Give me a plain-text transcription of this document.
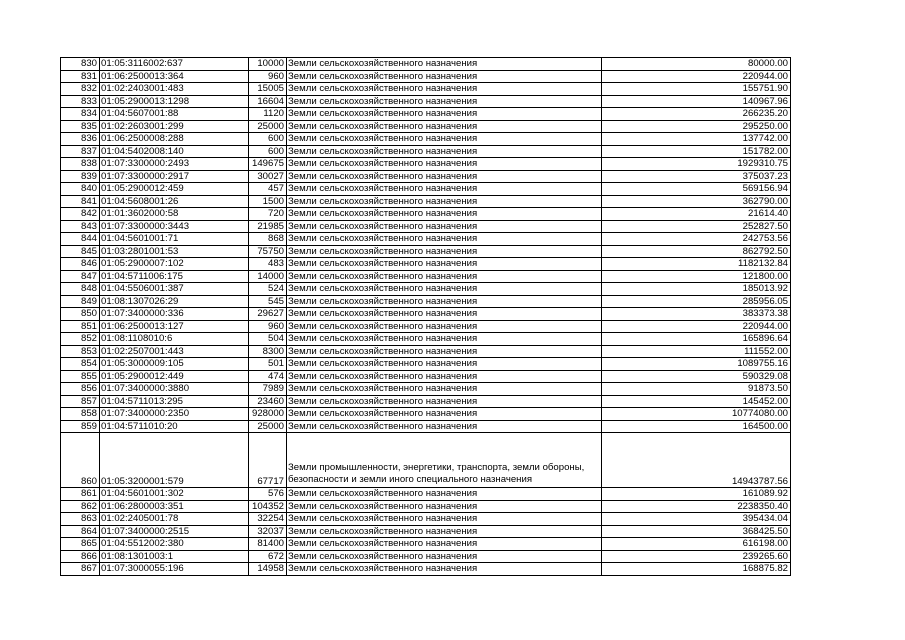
830	01:05:3116002:637	10000	Земли сельскохозяйственного назначения	80000.00
831	01:06:2500013:364	960	Земли сельскохозяйственного назначения	220944.00
832	01:02:2403001:483	15005	Земли сельскохозяйственного назначения	155751.90
833	01:05:2900013:1298	16604	Земли сельскохозяйственного назначения	140967.96
834	01:04:5607001:88	1120	Земли сельскохозяйственного назначения	266235.20
835	01:02:2603001:299	25000	Земли сельскохозяйственного назначения	295250.00
836	01:06:2500008:288	600	Земли сельскохозяйственного назначения	137742.00
837	01:04:5402008:140	600	Земли сельскохозяйственного назначения	151782.00
838	01:07:3300000:2493	149675	Земли сельскохозяйственного назначения	1929310.75
839	01:07:3300000:2917	30027	Земли сельскохозяйственного назначения	375037.23
840	01:05:2900012:459	457	Земли сельскохозяйственного назначения	569156.94
841	01:04:5608001:26	1500	Земли сельскохозяйственного назначения	362790.00
842	01:01:3602000:58	720	Земли сельскохозяйственного назначения	21614.40
843	01:07:3300000:3443	21985	Земли сельскохозяйственного назначения	252827.50
844	01:04:5601001:71	868	Земли сельскохозяйственного назначения	242753.56
845	01:03:2801001:53	75750	Земли сельскохозяйственного назначения	862792.50
846	01:05:2900007:102	483	Земли сельскохозяйственного назначения	1182132.84
847	01:04:5711006:175	14000	Земли сельскохозяйственного назначения	121800.00
848	01:04:5506001:387	524	Земли сельскохозяйственного назначения	185013.92
849	01:08:1307026:29	545	Земли сельскохозяйственного назначения	285956.05
850	01:07:3400000:336	29627	Земли сельскохозяйственного назначения	383373.38
851	01:06:2500013:127	960	Земли сельскохозяйственного назначения	220944.00
852	01:08:1108010:6	504	Земли сельскохозяйственного назначения	165896.64
853	01:02:2507001:443	8300	Земли сельскохозяйственного назначения	111552.00
854	01:05:3000009:105	501	Земли сельскохозяйственного назначения	1089755.16
855	01:05:2900012:449	474	Земли сельскохозяйственного назначения	590329.08
856	01:07:3400000:3880	7989	Земли сельскохозяйственного назначения	91873.50
857	01:04:5711013:295	23460	Земли сельскохозяйственного назначения	145452.00
858	01:07:3400000:2350	928000	Земли сельскохозяйственного назначения	10774080.00
859	01:04:5711010:20	25000	Земли сельскохозяйственного назначения	164500.00
860	01:05:3200001:579	67717	Земли промышленности, энергетики, транспорта, земли обороны, безопасности и земли иного специального назначения	14943787.56
861	01:04:5601001:302	576	Земли сельскохозяйственного назначения	161089.92
862	01:06:2800003:351	104352	Земли сельскохозяйственного назначения	2238350.40
863	01:02:2405001:78	32254	Земли сельскохозяйственного назначения	395434.04
864	01:07:3400000:2515	32037	Земли сельскохозяйственного назначения	368425.50
865	01:04:5512002:380	81400	Земли сельскохозяйственного назначения	616198.00
866	01:08:1301003:1	672	Земли сельскохозяйственного назначения	239265.60
867	01:07:3000055:196	14958	Земли сельскохозяйственного назначения	168875.82
